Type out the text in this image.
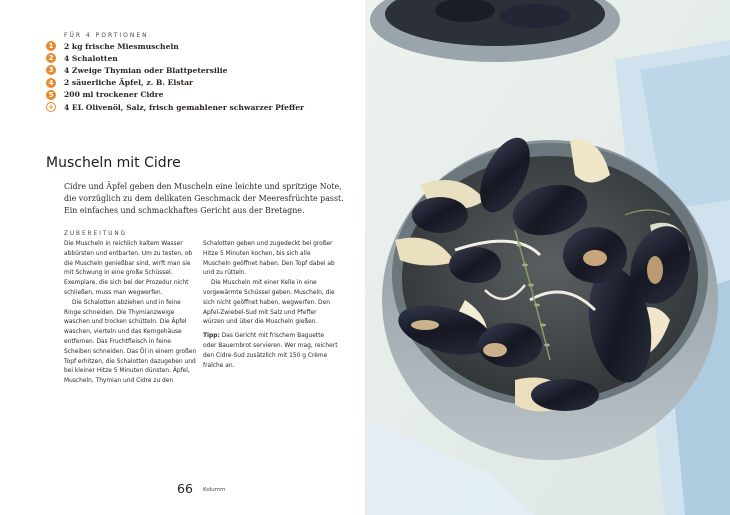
FÜR 4 PORTIONEN
1	2 kg frische Miesmuscheln
2	4 Schalotten
3	4 Zweige Thymian oder Blattpetersilie
4	2 säuerliche Äpfel, z. B. Elstar
5	200 ml trockener Cidre
+ 4 EL Olivenöl, Salz, frisch gemahlener schwarzer Pfeffer
Muscheln mit Cidre
Cidre und Äpfel geben den Muscheln eine leichte und spritzige Note,
die vorzüglich zu dem delikaten Geschmack der Meeresfrüchte passt.
Ein einfaches und schmackhaftes Gericht aus der Bretagne.
ZUBEREITUNG

Die Muscheln in reichlich kaltem Wasser abbürsten und entbarten. Um zu testen, ob die Muscheln genießbar sind, wirft man sie mit Schwung in eine große Schüssel. Exemplare, die sich bei der Prozedur nicht schließen, muss man wegwerfen.

Die Schalotten abziehen und in feine Ringe schneiden. Die Thymianzweige waschen und trocken schütteln. Die Äpfel waschen, vierteln und das Kerngehäuse entfernen. Das Fruchtfleisch in feine Scheiben schneiden. Das Öl in einem großen Topf erhitzen, die Schalotten dazugeben und bei kleiner Hitze 5 Minuten dünsten. Äpfel, Muscheln, Thymian und Cidre zu den

Schalotten geben und zugedeckt bei großer Hitze 5 Minuten kochen, bis sich alle Muscheln geöffnet haben. Den Topf dabei ab und zu rütteln.

Die Muscheln mit einer Kelle in eine vorgewärmte Schüssel geben. Muscheln, die sich nicht geöffnet haben, wegwerfen. Den Apfel-Zwiebel-Sud mit Salz und Pfeffer würzen und über die Muscheln gießen.

Tipp: Das Gericht mit frischem Baguette oder Bauernbrot servieren. Wer mag, reichert den Cidre-Sud zusätzlich mit 150 g Crème fraîche an.

66 Kolumm
